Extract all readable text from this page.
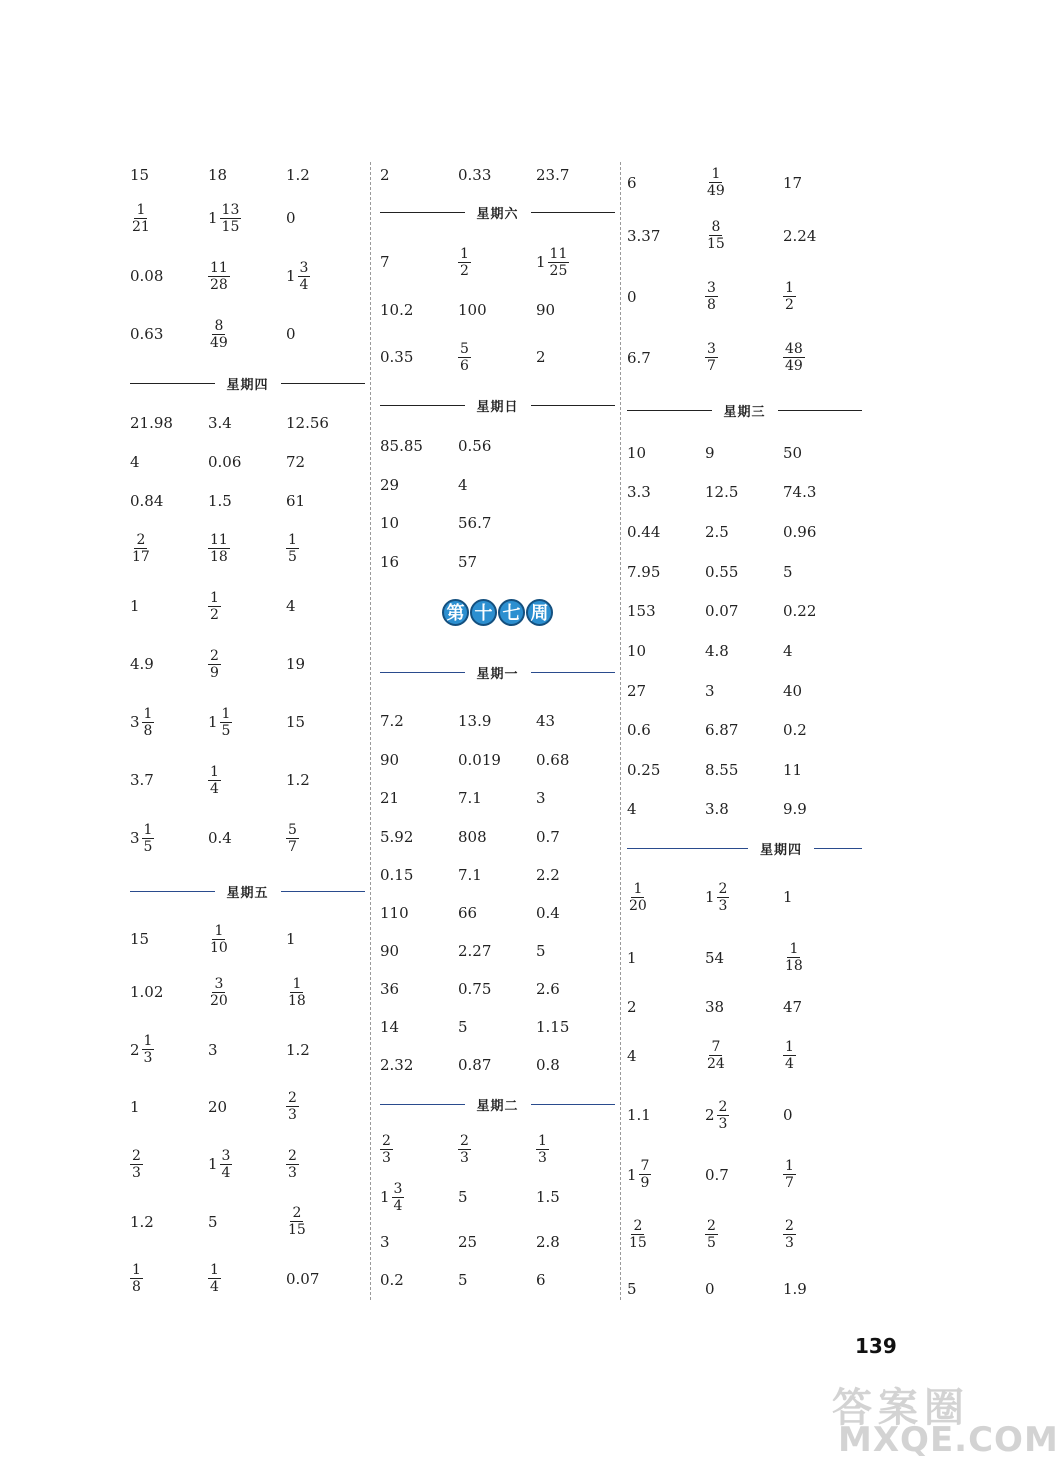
15	18	1.2
$\frac{1}{21}$	$1 \frac{13}{15}$	0
0.08	$\frac{11}{28}$	$1 \frac{3}{4}$
0.63	$\frac{8}{49}$	0
星期四
21.98	3.4	12.56
4	0.06	72
0.84	1.5	61
$\frac{2}{17}$	$\frac{11}{18}$	$\frac{1}{5}$
1	$\frac{1}{2}$	4
4.9	$\frac{2}{9}$	19
$3 \frac{1}{8}$	$1 \frac{1}{5}$	15
3.7	$\frac{1}{4}$	1.2
$3 \frac{1}{5}$	0.4	$\frac{5}{7}$
星期五
15	$\frac{1}{10}$	1
1.02	$\frac{3}{20}$	$\frac{1}{18}$
$2 \frac{1}{3}$	3	1.2
1	20	$\frac{2}{3}$
$\frac{2}{3}$	$1 \frac{3}{4}$	$\frac{2}{3}$
1.2	5	$\frac{2}{15}$
$\frac{1}{8}$	$\frac{1}{4}$	0.07
2	0.33	23.7
星期六
7	$\frac{1}{2}$	$1 \frac{11}{25}$
10.2	100	90
0.35	$\frac{5}{6}$	2
星期日
85.85	0.56
29	4
10	56.7
16	57
第 十 七 周
星期一
7.2	13.9	43
90	0.019	0.68
21	7.1	3
5.92	808	0.7
0.15	7.1	2.2
110	66	0.4
90	2.27	5
36	0.75	2.6
14	5	1.15
2.32	0.87	0.8
星期二
$\frac{2}{3}$	$\frac{2}{3}$	$\frac{1}{3}$
$1 \frac{3}{4}$	5	1.5
3	25	2.8
0.2	5	6
6	$\frac{1}{49}$	17
3.37	$\frac{8}{15}$	2.24
0	$\frac{3}{8}$	$\frac{1}{2}$
6.7	$\frac{3}{7}$	$\frac{48}{49}$
星期三
10	9	50
3.3	12.5	74.3
0.44	2.5	0.96
7.95	0.55	5
153	0.07	0.22
10	4.8	4
27	3	40
0.6	6.87	0.2
0.25	8.55	11
4	3.8	9.9
星期四
$\frac{1}{20}$	$1 \frac{2}{3}$	1
1	54	$\frac{1}{18}$
2	38	47
4	$\frac{7}{24}$	$\frac{1}{4}$
1.1	$2 \frac{2}{3}$	0
$1 \frac{7}{9}$	0.7	$\frac{1}{7}$
$\frac{2}{15}$	$\frac{2}{5}$	$\frac{2}{3}$
5	0	1.9
139
答案圈
MXQE.COM
